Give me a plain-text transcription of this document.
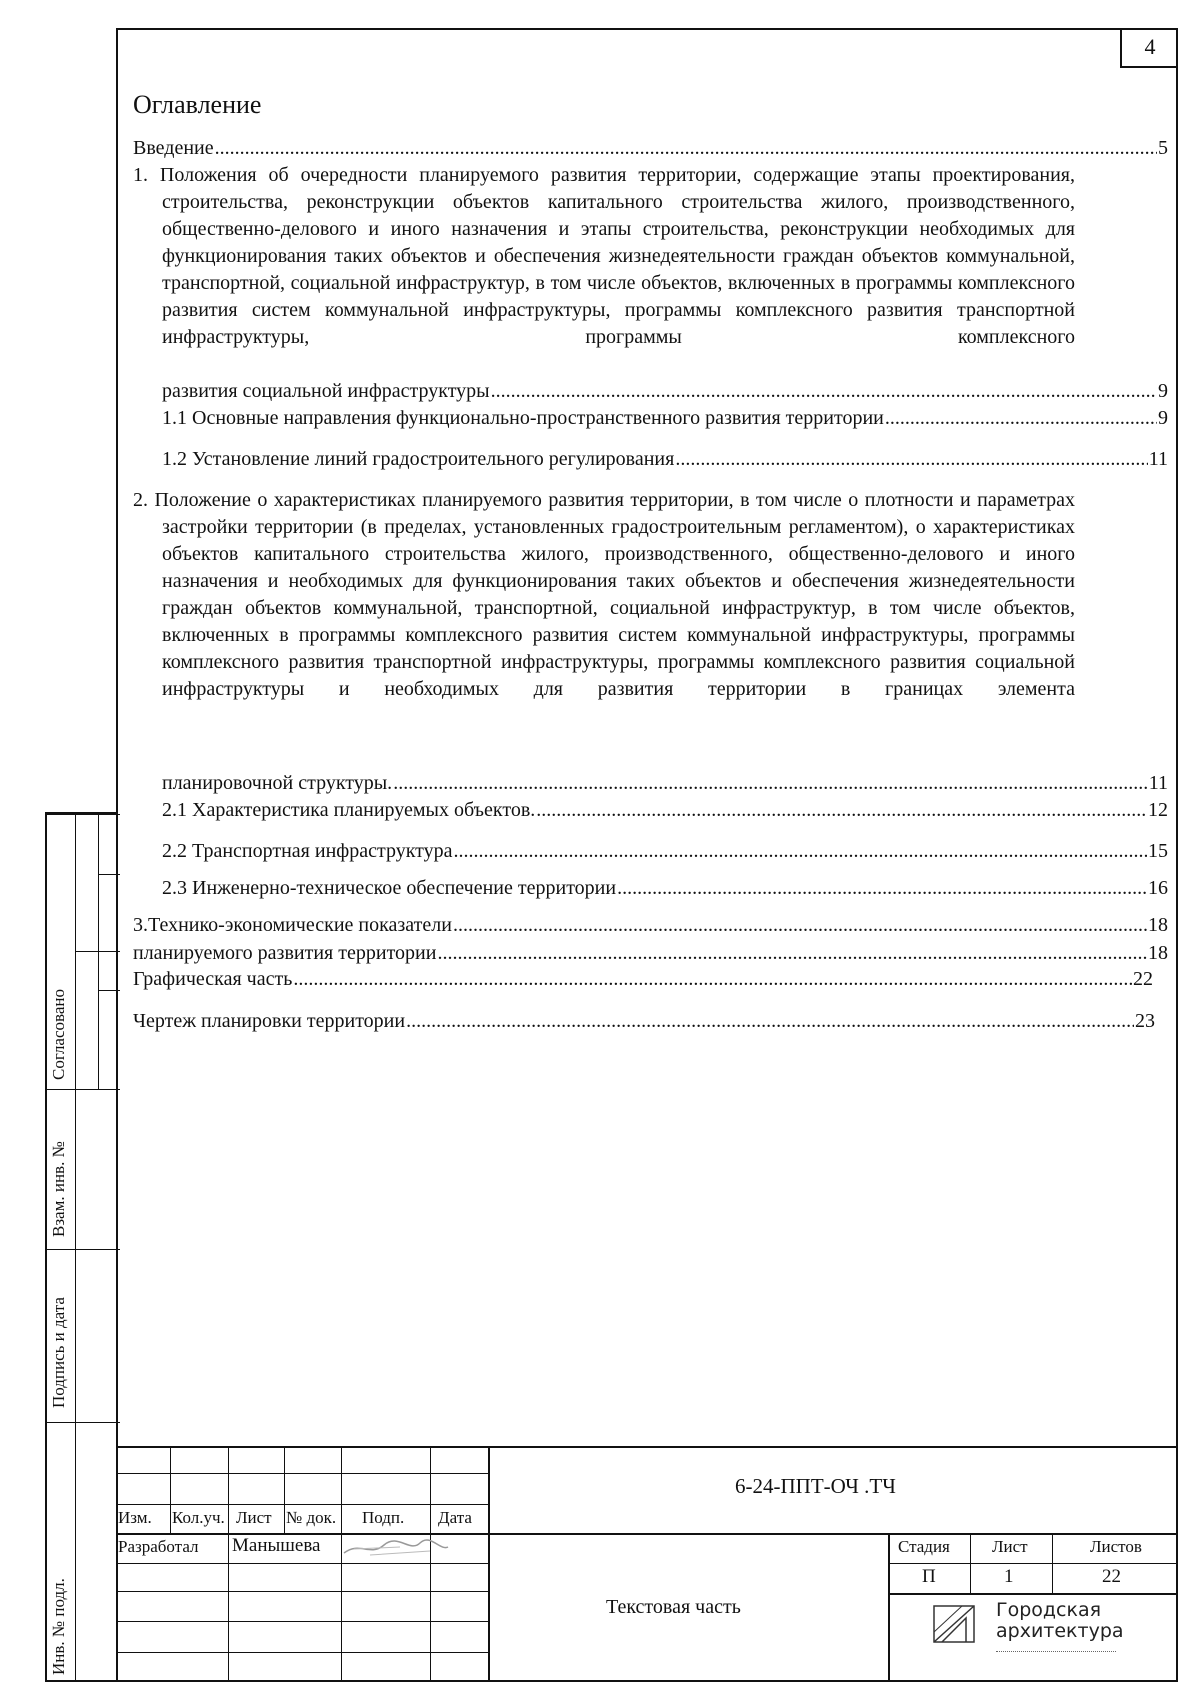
4
Согласовано
Взам. инв. №
Подпись и дата
Инв. № подл.
Оглавление
Введение .....	5
1. Положения об очередности планируемого развития территории, содержащие этапы проектирования, строительства, реконструкции объектов капитального строительства жилого, производственного, общественно-делового и иного назначения и этапы строительства, реконструкции необходимых для функционирования таких объектов и обеспечения жизнедеятельности граждан объектов коммунальной, транспортной, социальной инфраструктур, в том числе объектов, включенных в программы комплексного развития систем коммунальной инфраструктуры, программы комплексного развития транспортной инфраструктуры, программы комплексного
развития социальной инфраструктуры .....	9
1.1 Основные направления функционально-пространственного развития территории .....	9
1.2 Установление линий градостроительного регулирования .....	11
2. Положение о характеристиках планируемого развития территории, в том числе о плотности и параметрах застройки территории (в пределах, установленных градостроительным регламентом), о характеристиках объектов капитального строительства жилого, производственного, общественно-делового и иного назначения и необходимых для функционирования таких объектов и обеспечения жизнедеятельности граждан объектов коммунальной, транспортной, социальной инфраструктур, в том числе объектов, включенных в программы комплексного развития систем коммунальной инфраструктуры, программы комплексного развития транспортной инфраструктуры, программы комплексного развития социальной инфраструктуры и необходимых для развития территории в границах элемента
планировочной структуры. .....	11
2.1 Характеристика планируемых объектов. .....	12
2.2 Транспортная инфраструктура .....	15
2.3 Инженерно-техническое обеспечение территории .....	16
3.Технико-экономические показатели .....	18
планируемого развития территории .....	18
Графическая часть .....	22
Чертеж планировки территории .....	23
Изм. Кол.уч. Лист № док. Подп. Дата
Разработал Манышева
6-24-ППТ-ОЧ .ТЧ
Текстовая часть
Стадия Лист	Листов
П	1	22
Городская
архитектура
